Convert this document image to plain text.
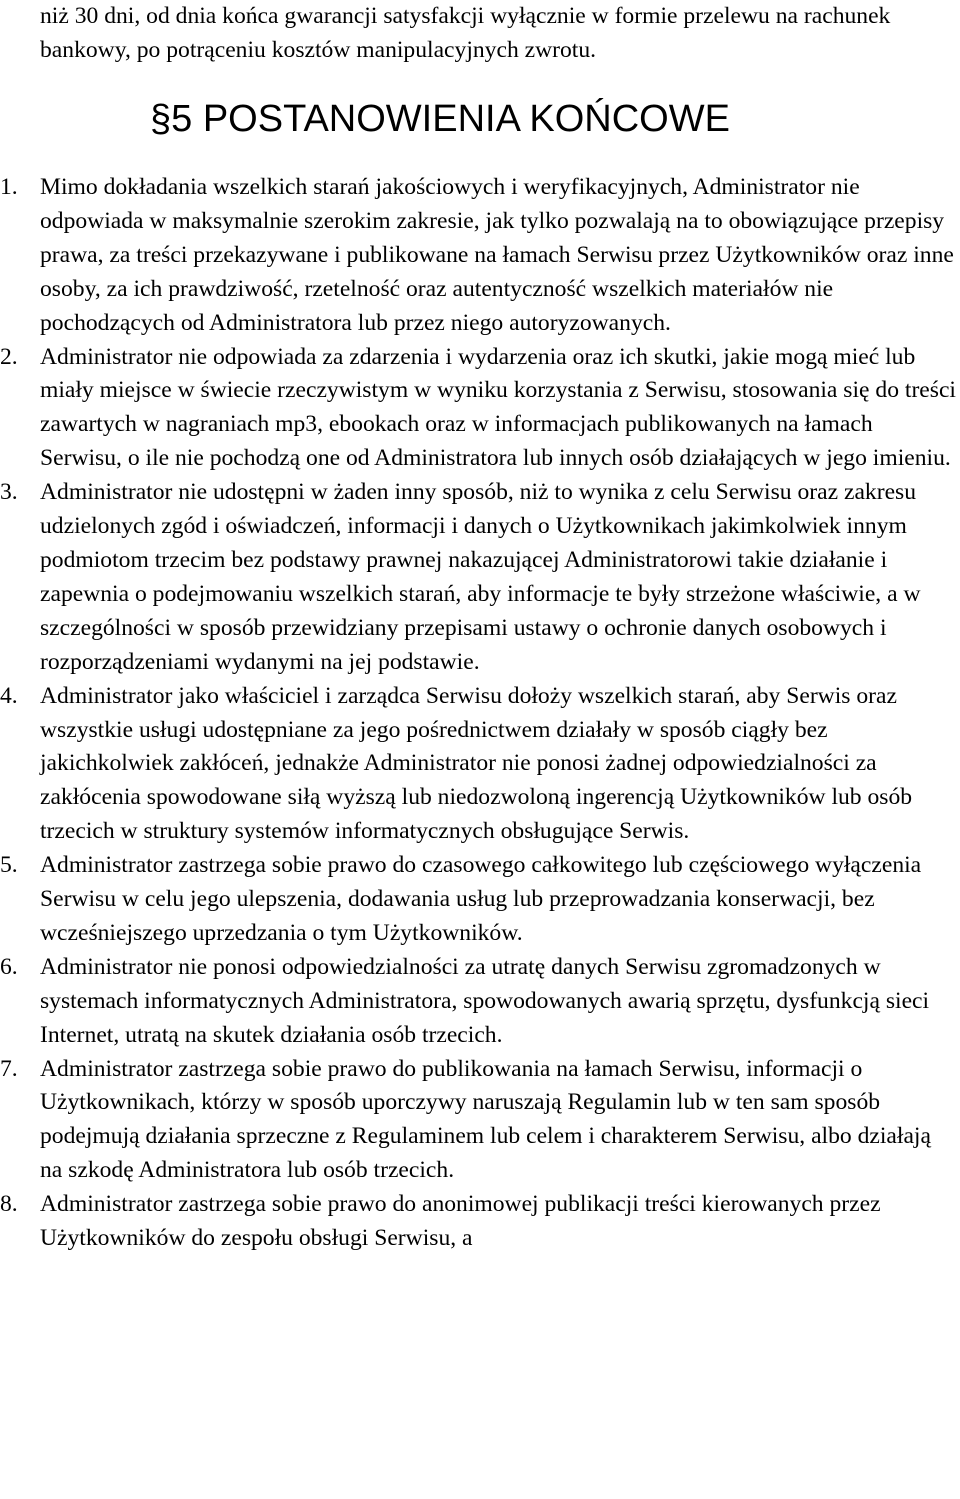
niż 30 dni, od dnia końca gwarancji satysfakcji wyłącznie w formie przelewu na rachunek bankowy, po potrąceniu kosztów manipulacyjnych zwrotu.

§5 POSTANOWIENIA KOŃCOWE
1. Mimo dokładania wszelkich starań jakościowych i weryfikacyjnych, Administrator nie odpowiada w maksymalnie szerokim zakresie, jak tylko pozwalają na to obowiązujące przepisy prawa, za treści przekazywane i publikowane na łamach Serwisu przez Użytkowników oraz inne osoby, za ich prawdziwość, rzetelność oraz autentyczność wszelkich materiałów nie pochodzących od Administratora lub przez niego autoryzowanych.
2. Administrator nie odpowiada za zdarzenia i wydarzenia oraz ich skutki, jakie mogą mieć lub miały miejsce w świecie rzeczywistym w wyniku korzystania z Serwisu, stosowania się do treści zawartych w nagraniach mp3, ebookach oraz w informacjach publikowanych na łamach Serwisu, o ile nie pochodzą one od Administratora lub innych osób działających w jego imieniu.
3. Administrator nie udostępni w żaden inny sposób, niż to wynika z celu Serwisu oraz zakresu udzielonych zgód i oświadczeń, informacji i danych o Użytkownikach jakimkolwiek innym podmiotom trzecim bez podstawy prawnej nakazującej Administratorowi takie działanie i zapewnia o podejmowaniu wszelkich starań, aby informacje te były strzeżone właściwie, a w szczególności w sposób przewidziany przepisami ustawy o ochronie danych osobowych i rozporządzeniami wydanymi na jej podstawie.
4. Administrator jako właściciel i zarządca Serwisu dołoży wszelkich starań, aby Serwis oraz wszystkie usługi udostępniane za jego pośrednictwem działały w sposób ciągły bez jakichkolwiek zakłóceń, jednakże Administrator nie ponosi żadnej odpowiedzialności za zakłócenia spowodowane siłą wyższą lub niedozwoloną ingerencją Użytkowników lub osób trzecich w struktury systemów informatycznych obsługujące Serwis.
5. Administrator zastrzega sobie prawo do czasowego całkowitego lub częściowego wyłączenia Serwisu w celu jego ulepszenia, dodawania usług lub przeprowadzania konserwacji, bez wcześniejszego uprzedzania o tym Użytkowników.
6. Administrator nie ponosi odpowiedzialności za utratę danych Serwisu zgromadzonych w systemach informatycznych Administratora, spowodowanych awarią sprzętu, dysfunkcją sieci Internet, utratą na skutek działania osób trzecich.
7. Administrator zastrzega sobie prawo do publikowania na łamach Serwisu, informacji o Użytkownikach, którzy w sposób uporczywy naruszają Regulamin lub w ten sam sposób podejmują działania sprzeczne z Regulaminem lub celem i charakterem Serwisu, albo działają na szkodę Administratora lub osób trzecich.
8. Administrator zastrzega sobie prawo do anonimowej publikacji treści kierowanych przez Użytkowników do zespołu obsługi Serwisu, a
